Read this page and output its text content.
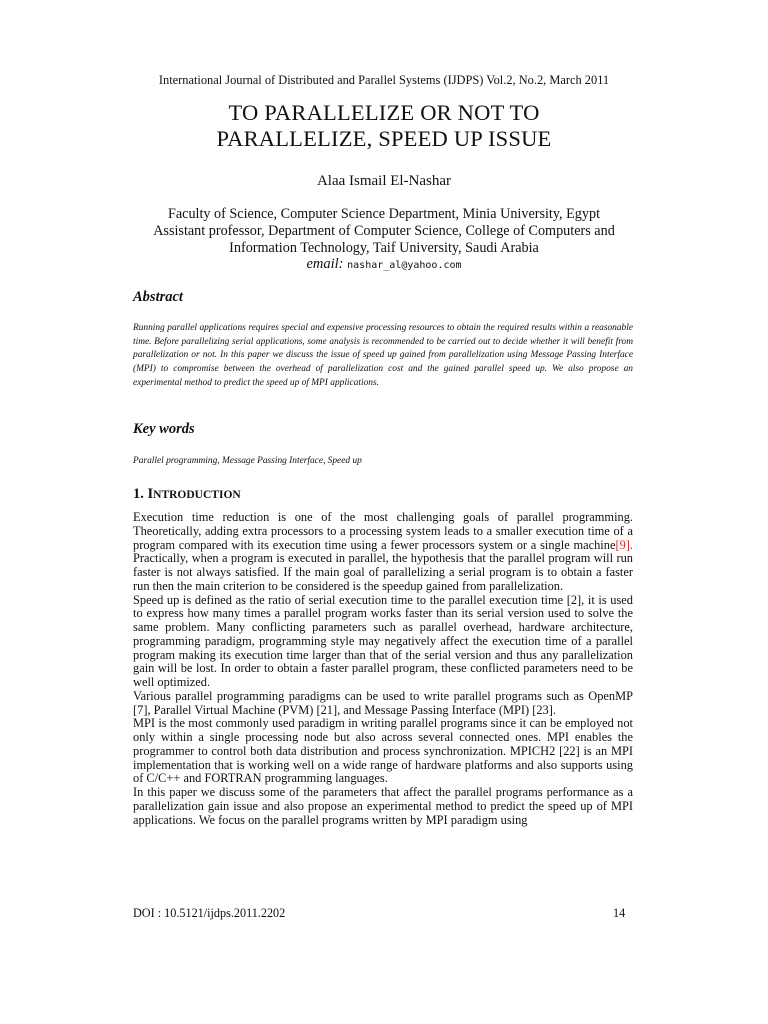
International Journal of Distributed and Parallel Systems (IJDPS) Vol.2, No.2, March 2011
TO PARALLELIZE OR NOT TO
PARALLELIZE, SPEED UP ISSUE
Alaa Ismail El-Nashar
Faculty of Science, Computer Science Department, Minia University, Egypt
Assistant professor, Department of Computer Science, College of Computers and
Information Technology, Taif University, Saudi Arabia
email: nashar_al@yahoo.com
Abstract
Running parallel applications requires special and expensive processing resources to obtain the required results within a reasonable time. Before parallelizing serial applications, some analysis is recommended to be carried out to decide whether it will benefit from parallelization or not. In this paper we discuss the issue of speed up gained from parallelization using Message Passing Interface (MPI) to compromise between the overhead of parallelization cost and the gained parallel speed up. We also propose an experimental method to predict the speed up of MPI applications.
Key words
Parallel programming, Message Passing Interface, Speed up
1. INTRODUCTION

Execution time reduction is one of the most challenging goals of parallel programming. Theoretically, adding extra processors to a processing system leads to a smaller execution time of a program compared with its execution time using a fewer processors system or a single machine[9]. Practically, when a program is executed in parallel, the hypothesis that the parallel program will run faster is not always satisfied. If the main goal of parallelizing a serial program is to obtain a faster run then the main criterion to be considered is the speedup gained from parallelization.

Speed up is defined as the ratio of serial execution time to the parallel execution time [2], it is used to express how many times a parallel program works faster than its serial version used to solve the same problem. Many conflicting parameters such as parallel overhead, hardware architecture, programming paradigm, programming style may negatively affect the execution time of a parallel program making its execution time larger than that of the serial version and thus any parallelization gain will be lost. In order to obtain a faster parallel program, these conflicted parameters need to be well optimized.

Various parallel programming paradigms can be used to write parallel programs such as OpenMP [7], Parallel Virtual Machine (PVM) [21], and Message Passing Interface (MPI) [23].

MPI is the most commonly used paradigm in writing parallel programs since it can be employed not only within a single processing node but also across several connected ones. MPI enables the programmer to control both data distribution and process synchronization. MPICH2 [22] is an MPI implementation that is working well on a wide range of hardware platforms and also supports using of C/C++ and FORTRAN programming languages.

In this paper we discuss some of the parameters that affect the parallel programs performance as a parallelization gain issue and also propose an experimental method to predict the speed up of MPI applications. We focus on the parallel programs written by MPI paradigm using

DOI : 10.5121/ijdps.2011.2202	14
